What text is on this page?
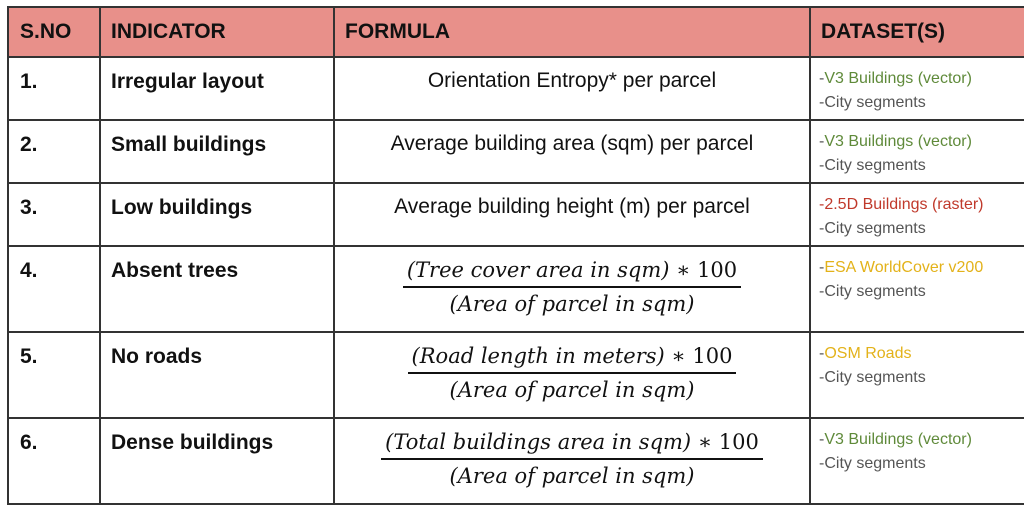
S.NO	INDICATOR	FORMULA	DATASET(S)
1.	Irregular layout	Orientation Entropy* per parcel	-V3 Buildings (vector)
-City segments

2.	Small buildings	Average building area (sqm) per parcel	-V3 Buildings (vector)
-City segments

3.	Low buildings	Average building height (m) per parcel	-2.5D Buildings (raster)
-City segments

4.	Absent trees	$\frac{\text{(Tree cover area in sqm) ∗ 100}}{\text{(Area of parcel in sqm)}}$	-ESA WorldCover v200
-City segments

5.	No roads	$\frac{\text{(Road length in meters) ∗ 100}}{\text{(Area of parcel in sqm)}}$	-OSM Roads
-City segments

6.	Dense buildings	$\frac{\text{(Total buildings area in sqm) ∗ 100}}{\text{(Area of parcel in sqm)}}$	-V3 Buildings (vector)
-City segments
